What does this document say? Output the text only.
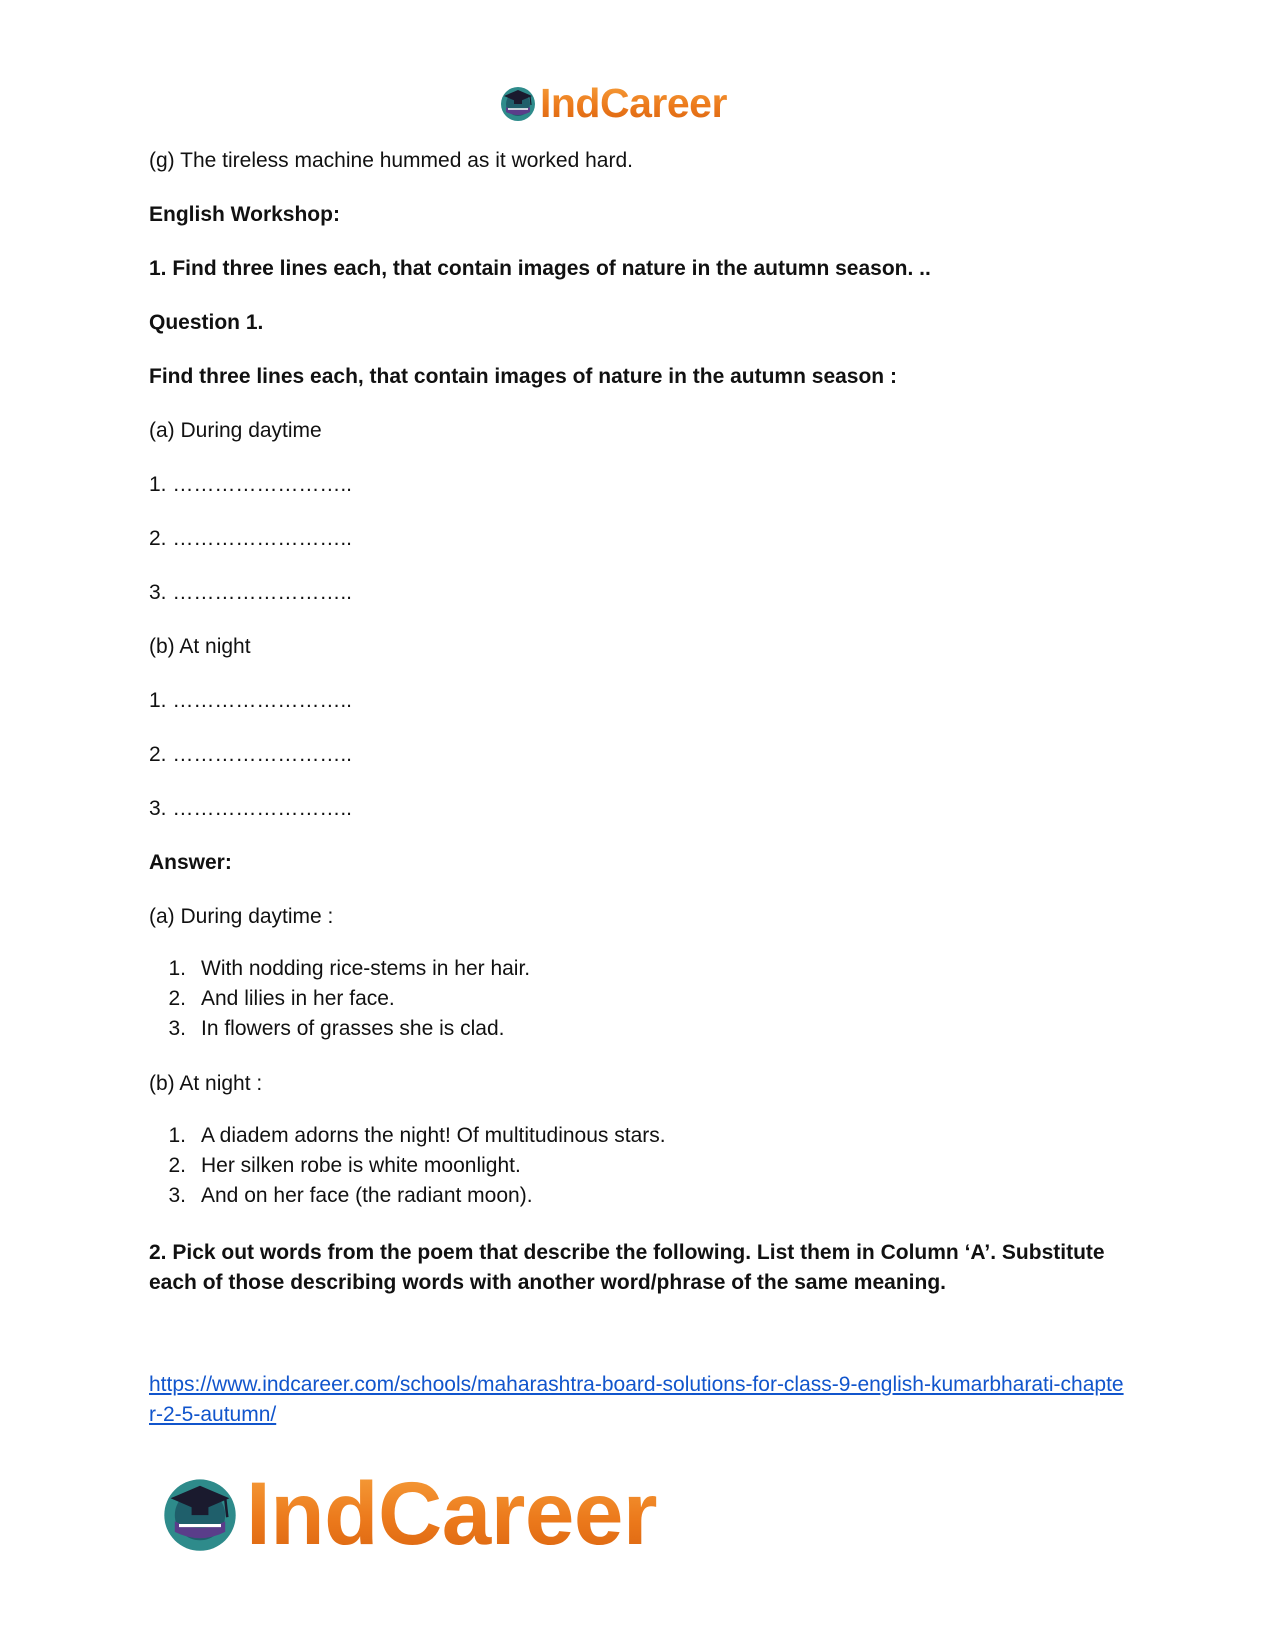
IndCareer
(g) The tireless machine hummed as it worked hard.
English Workshop:
1. Find three lines each, that contain images of nature in the autumn season. ..
Question 1.
Find three lines each, that contain images of nature in the autumn season :
(a) During daytime
1. ……………………..
2. ……………………..
3. ……………………..
(b) At night
1. ……………………..
2. ……………………..
3. ……………………..
Answer:
(a) During daytime :
1. With nodding rice-stems in her hair.
2. And lilies in her face.
3. In flowers of grasses she is clad.
(b) At night :
1. A diadem adorns the night! Of multitudinous stars.
2. Her silken robe is white moonlight.
3. And on her face (the radiant moon).
2. Pick out words from the poem that describe the following. List them in Column ‘A’. Substitute each of those describing words with another word/phrase of the same meaning.
https://www.indcareer.com/schools/maharashtra-board-solutions-for-class-9-english-kumarbharati-chapter-2-5-autumn/
IndCareer
